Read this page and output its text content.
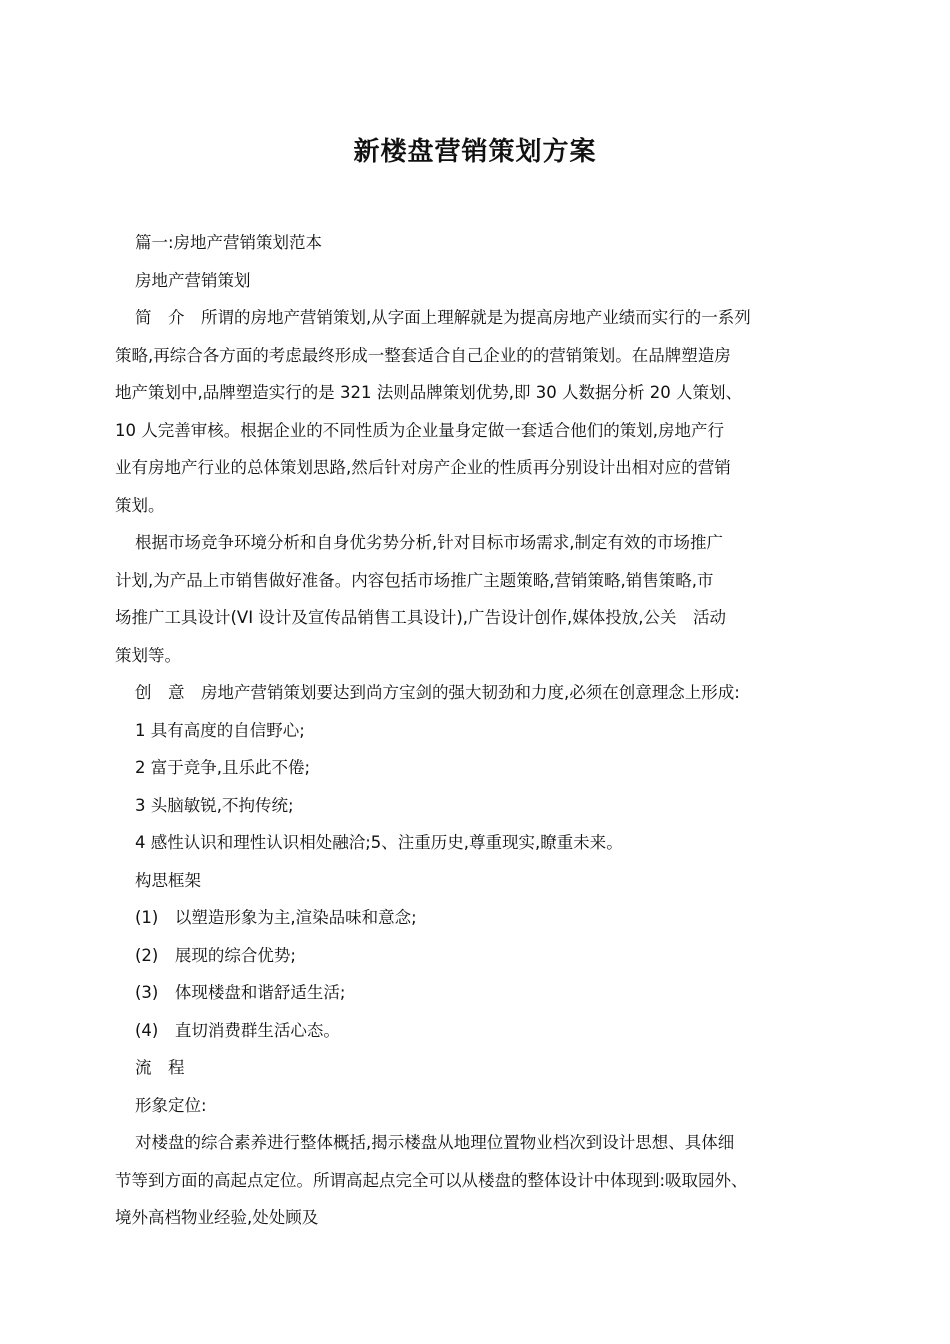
新楼盘营销策划方案

篇一:房地产营销策划范本

房地产营销策划

简　介　所谓的房地产营销策划,从字面上理解就是为提高房地产业绩而实行的一系列

策略,再综合各方面的考虑最终形成一整套适合自己企业的的营销策划。在品牌塑造房

地产策划中,品牌塑造实行的是 321 法则品牌策划优势,即 30 人数据分析 20 人策划、

10 人完善审核。根据企业的不同性质为企业量身定做一套适合他们的策划,房地产行

业有房地产行业的总体策划思路,然后针对房产企业的性质再分别设计出相对应的营销

策划。

根据市场竞争环境分析和自身优劣势分析,针对目标市场需求,制定有效的市场推广

计划,为产品上市销售做好准备。内容包括市场推广主题策略,营销策略,销售策略,市

场推广工具设计(VI 设计及宣传品销售工具设计),广告设计创作,媒体投放,公关　活动

策划等。

创　意　房地产营销策划要达到尚方宝剑的强大韧劲和力度,必须在创意理念上形成:

1 具有高度的自信野心;

2 富于竞争,且乐此不倦;

3 头脑敏锐,不拘传统;

4 感性认识和理性认识相处融洽;5、注重历史,尊重现实,瞭重未来。

构思框架

(1)　以塑造形象为主,渲染品味和意念;

(2)　展现的综合优势;

(3)　体现楼盘和谐舒适生活;

(4)　直切消费群生活心态。

流　程

形象定位:

对楼盘的综合素养进行整体概括,揭示楼盘从地理位置物业档次到设计思想、具体细

节等到方面的高起点定位。所谓高起点完全可以从楼盘的整体设计中体现到:吸取园外、

境外高档物业经验,处处顾及
